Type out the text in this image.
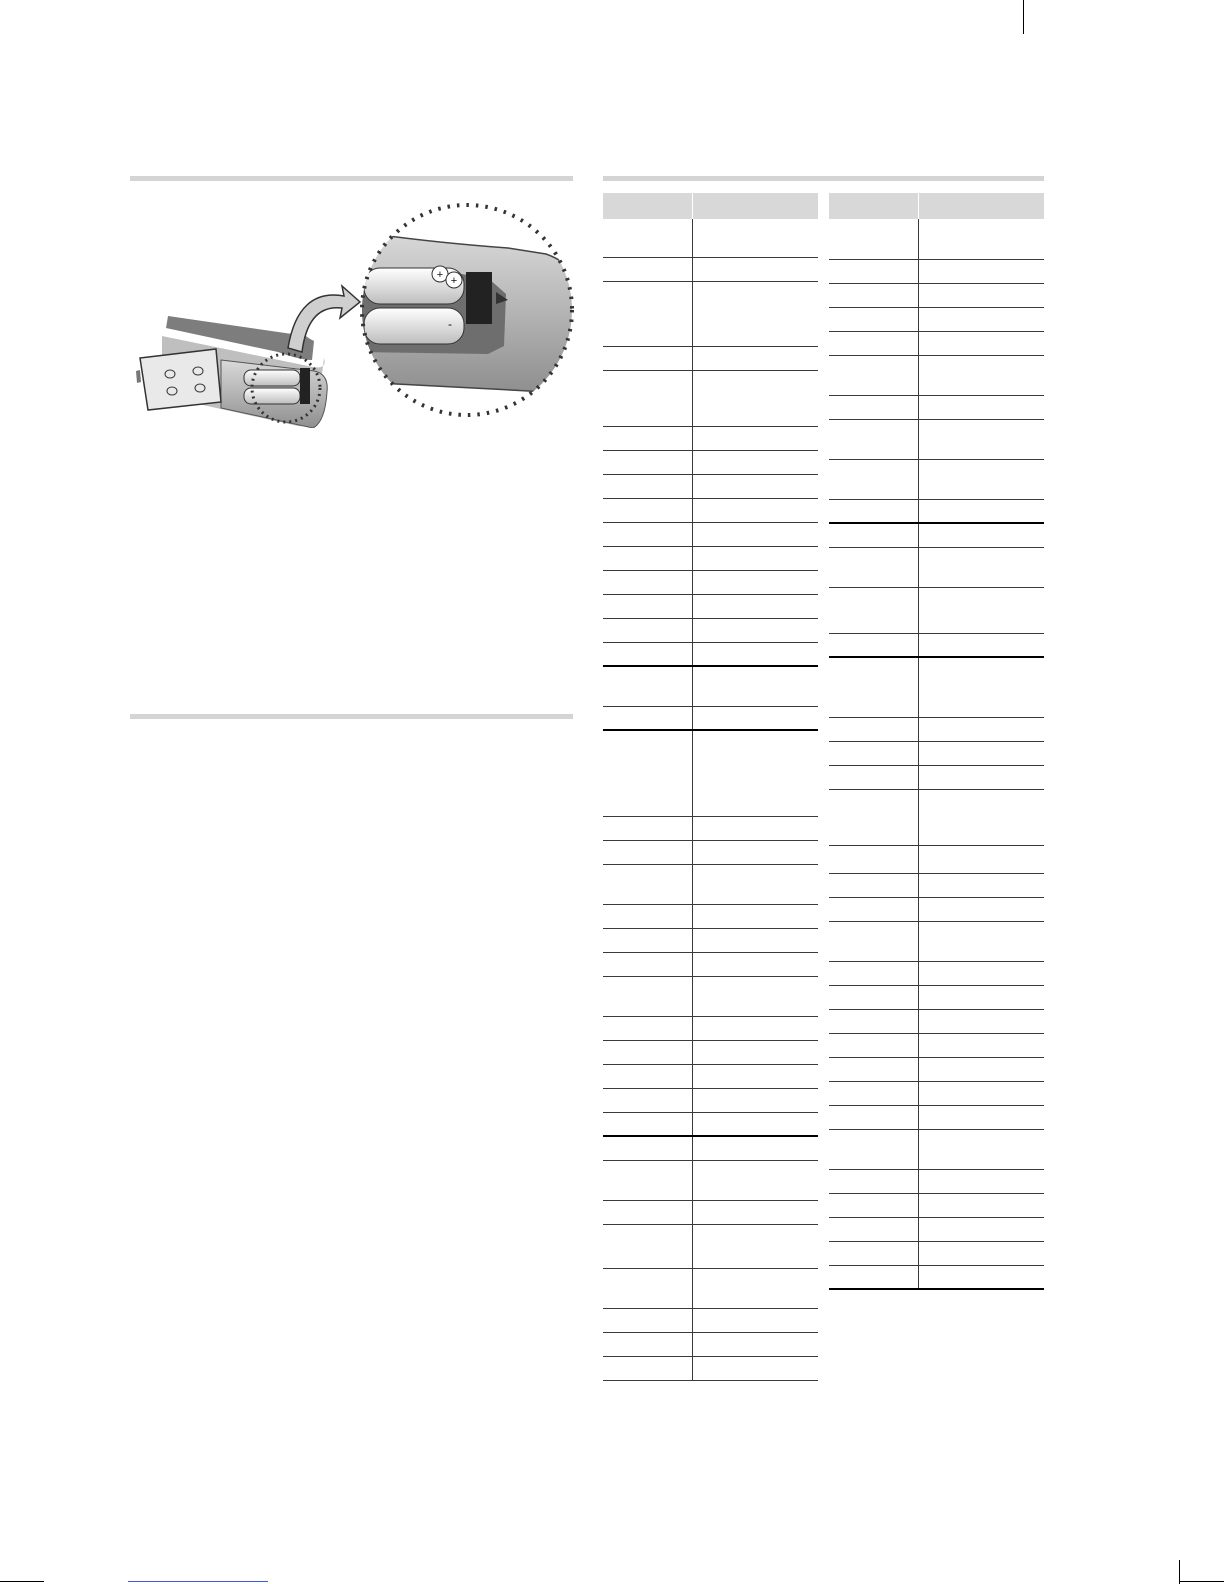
+ +
-
